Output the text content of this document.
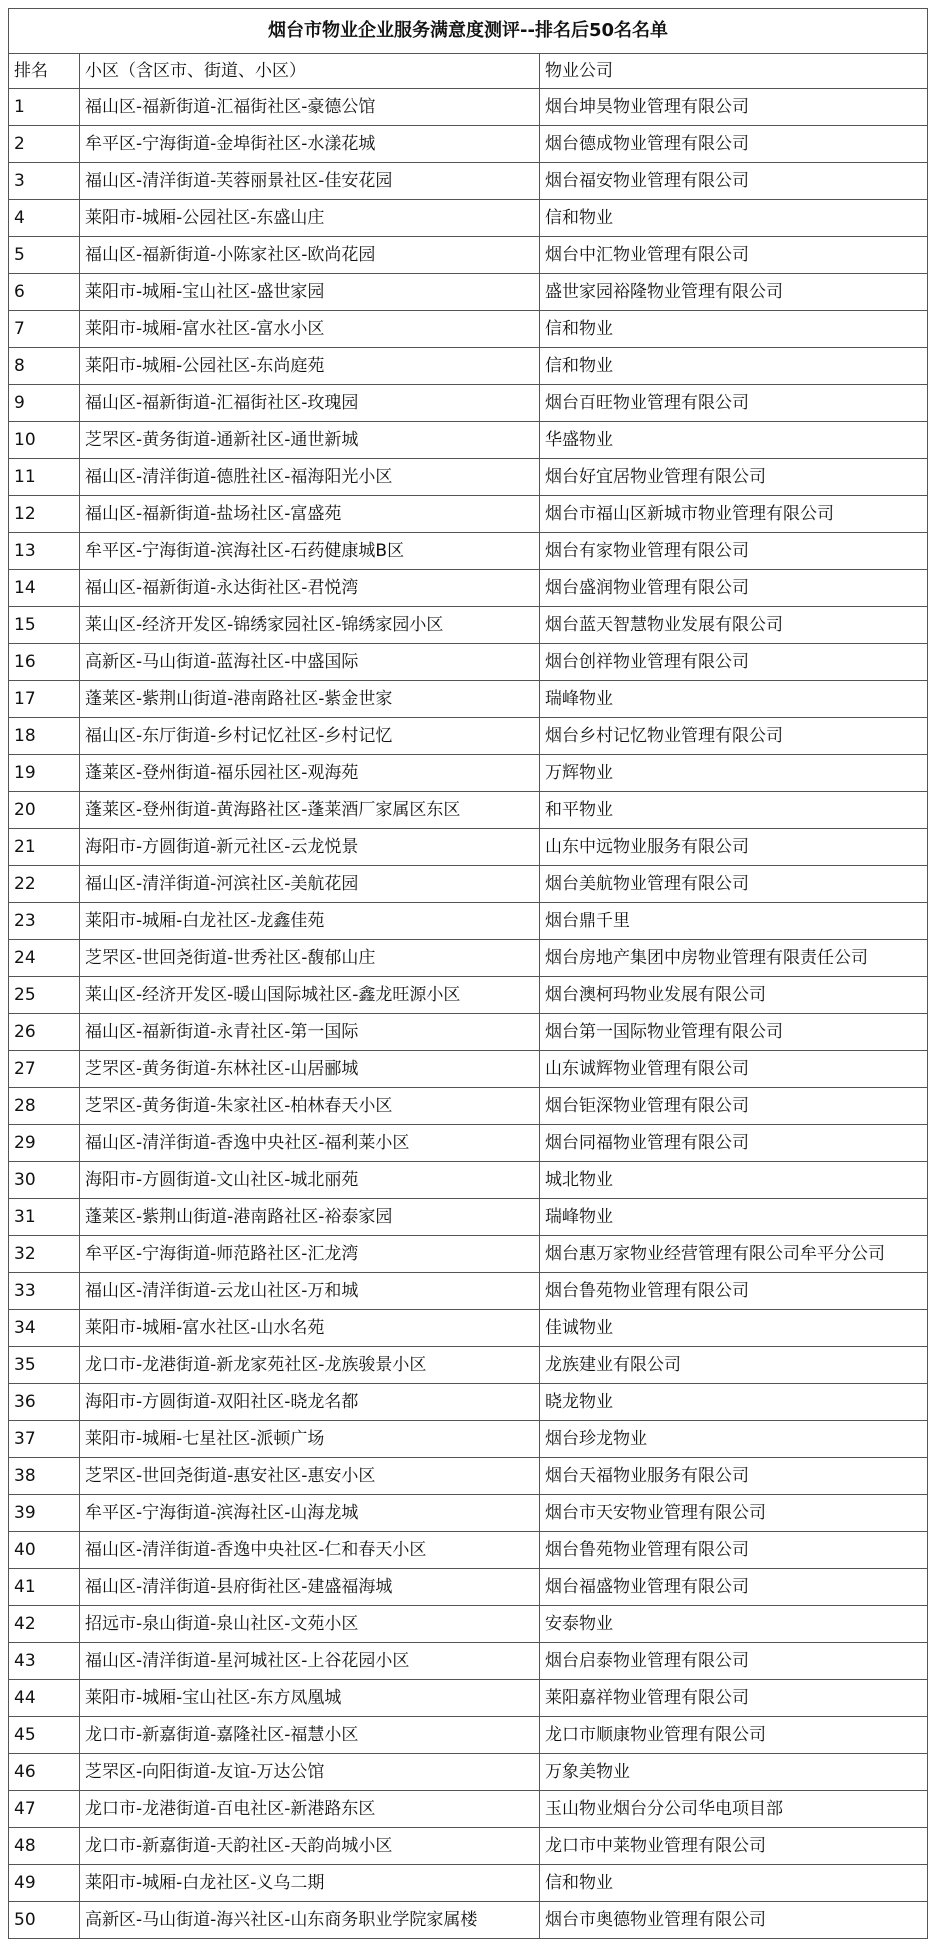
烟台市物业企业服务满意度测评--排名后50名名单		
排名	小区（含区市、街道、小区）	物业公司
1	福山区-福新街道-汇福街社区-豪德公馆	烟台坤昊物业管理有限公司
2	牟平区-宁海街道-金埠街社区-水漾花城	烟台德成物业管理有限公司
3	福山区-清洋街道-芙蓉丽景社区-佳安花园	烟台福安物业管理有限公司
4	莱阳市-城厢-公园社区-东盛山庄	信和物业
5	福山区-福新街道-小陈家社区-欧尚花园	烟台中汇物业管理有限公司
6	莱阳市-城厢-宝山社区-盛世家园	盛世家园裕隆物业管理有限公司
7	莱阳市-城厢-富水社区-富水小区	信和物业
8	莱阳市-城厢-公园社区-东尚庭苑	信和物业
9	福山区-福新街道-汇福街社区-玫瑰园	烟台百旺物业管理有限公司
10	芝罘区-黄务街道-通新社区-通世新城	华盛物业
11	福山区-清洋街道-德胜社区-福海阳光小区	烟台好宜居物业管理有限公司
12	福山区-福新街道-盐场社区-富盛苑	烟台市福山区新城市物业管理有限公司
13	牟平区-宁海街道-滨海社区-石药健康城B区	烟台有家物业管理有限公司
14	福山区-福新街道-永达街社区-君悦湾	烟台盛润物业管理有限公司
15	莱山区-经济开发区-锦绣家园社区-锦绣家园小区	烟台蓝天智慧物业发展有限公司
16	高新区-马山街道-蓝海社区-中盛国际	烟台创祥物业管理有限公司
17	蓬莱区-紫荆山街道-港南路社区-紫金世家	瑞峰物业
18	福山区-东厅街道-乡村记忆社区-乡村记忆	烟台乡村记忆物业管理有限公司
19	蓬莱区-登州街道-福乐园社区-观海苑	万辉物业
20	蓬莱区-登州街道-黄海路社区-蓬莱酒厂家属区东区	和平物业
21	海阳市-方圆街道-新元社区-云龙悦景	山东中远物业服务有限公司
22	福山区-清洋街道-河滨社区-美航花园	烟台美航物业管理有限公司
23	莱阳市-城厢-白龙社区-龙鑫佳苑	烟台鼎千里
24	芝罘区-世回尧街道-世秀社区-馥郁山庄	烟台房地产集团中房物业管理有限责任公司
25	莱山区-经济开发区-暖山国际城社区-鑫龙旺源小区	烟台澳柯玛物业发展有限公司
26	福山区-福新街道-永青社区-第一国际	烟台第一国际物业管理有限公司
27	芝罘区-黄务街道-东林社区-山居郦城	山东诚辉物业管理有限公司
28	芝罘区-黄务街道-朱家社区-柏林春天小区	烟台钜深物业管理有限公司
29	福山区-清洋街道-香逸中央社区-福利莱小区	烟台同福物业管理有限公司
30	海阳市-方圆街道-文山社区-城北丽苑	城北物业
31	蓬莱区-紫荆山街道-港南路社区-裕泰家园	瑞峰物业
32	牟平区-宁海街道-师范路社区-汇龙湾	烟台惠万家物业经营管理有限公司牟平分公司
33	福山区-清洋街道-云龙山社区-万和城	烟台鲁苑物业管理有限公司
34	莱阳市-城厢-富水社区-山水名苑	佳诚物业
35	龙口市-龙港街道-新龙家苑社区-龙族骏景小区	龙族建业有限公司
36	海阳市-方圆街道-双阳社区-晓龙名都	晓龙物业
37	莱阳市-城厢-七星社区-派顿广场	烟台珍龙物业
38	芝罘区-世回尧街道-惠安社区-惠安小区	烟台天福物业服务有限公司
39	牟平区-宁海街道-滨海社区-山海龙城	烟台市天安物业管理有限公司
40	福山区-清洋街道-香逸中央社区-仁和春天小区	烟台鲁苑物业管理有限公司
41	福山区-清洋街道-县府街社区-建盛福海城	烟台福盛物业管理有限公司
42	招远市-泉山街道-泉山社区-文苑小区	安泰物业
43	福山区-清洋街道-星河城社区-上谷花园小区	烟台启泰物业管理有限公司
44	莱阳市-城厢-宝山社区-东方凤凰城	莱阳嘉祥物业管理有限公司
45	龙口市-新嘉街道-嘉隆社区-福慧小区	龙口市顺康物业管理有限公司
46	芝罘区-向阳街道-友谊-万达公馆	万象美物业
47	龙口市-龙港街道-百电社区-新港路东区	玉山物业烟台分公司华电项目部
48	龙口市-新嘉街道-天韵社区-天韵尚城小区	龙口市中莱物业管理有限公司
49	莱阳市-城厢-白龙社区-义乌二期	信和物业
50	高新区-马山街道-海兴社区-山东商务职业学院家属楼	烟台市奥德物业管理有限公司
